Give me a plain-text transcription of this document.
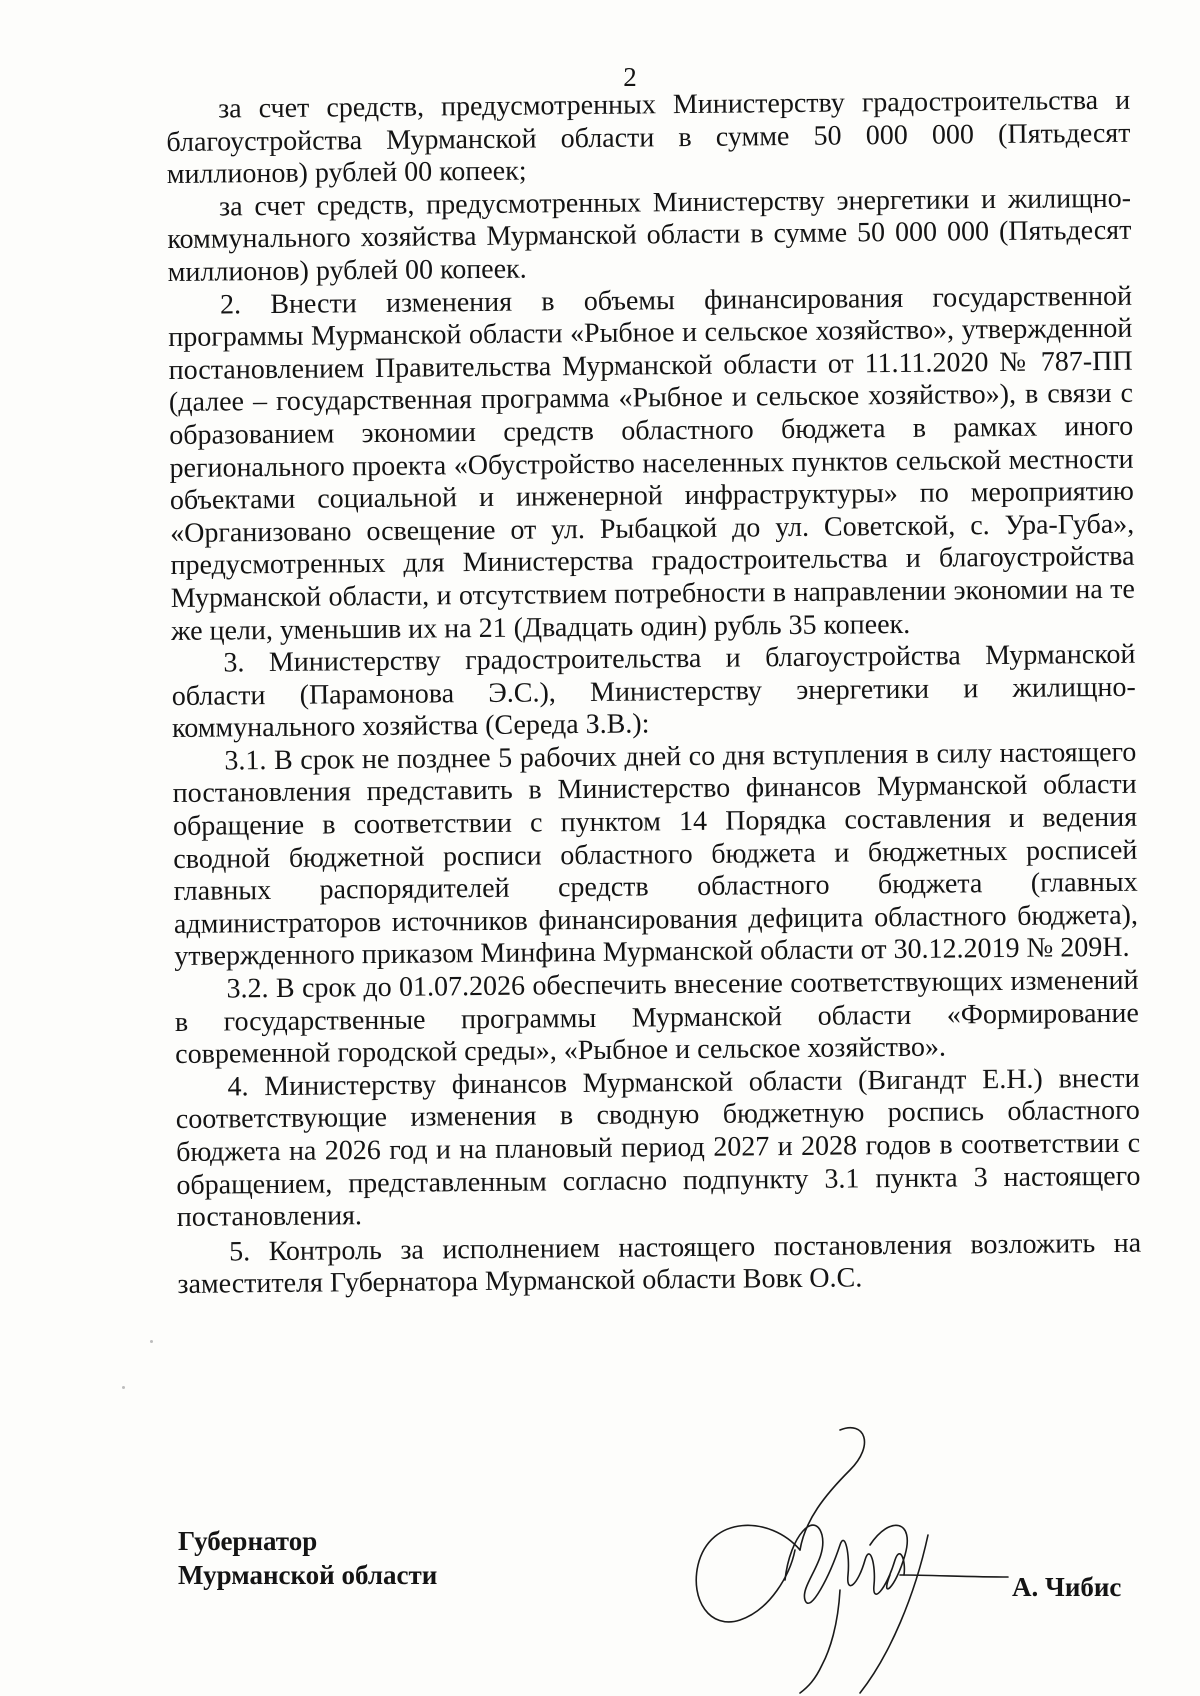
2

за счет средств, предусмотренных Министерству градостроительства и благоустройства Мурманской области в сумме 50 000 000 (Пятьдесят миллионов) рублей 00 копеек;

за счет средств, предусмотренных Министерству энергетики и жилищно-коммунального хозяйства Мурманской области в сумме 50 000 000 (Пятьдесят миллионов) рублей 00 копеек.

2. Внести изменения в объемы финансирования государственной программы Мурманской области «Рыбное и сельское хозяйство», утвержденной постановлением Правительства Мурманской области от 11.11.2020 № 787-ПП (далее – государственная программа «Рыбное и сельское хозяйство»), в связи с образованием экономии средств областного бюджета в рамках иного регионального проекта «Обустройство населенных пунктов сельской местности объектами социальной и инженерной инфраструктуры» по мероприятию «Организовано освещение от ул. Рыбацкой до ул. Советской, с. Ура-Губа», предусмотренных для Министерства градостроительства и благоустройства Мурманской области, и отсутствием потребности в направлении экономии на те же цели, уменьшив их на 21 (Двадцать один) рубль 35 копеек.

3. Министерству градостроительства и благоустройства Мурманской области (Парамонова Э.С.), Министерству энергетики и жилищно-коммунального хозяйства (Середа З.В.):

3.1. В срок не позднее 5 рабочих дней со дня вступления в силу настоящего постановления представить в Министерство финансов Мурманской области обращение в соответствии с пунктом 14 Порядка составления и ведения сводной бюджетной росписи областного бюджета и бюджетных росписей главных распорядителей средств областного бюджета (главных администраторов источников финансирования дефицита областного бюджета), утвержденного приказом Минфина Мурманской области от 30.12.2019 № 209Н.

3.2. В срок до 01.07.2026 обеспечить внесение соответствующих изменений в государственные программы Мурманской области «Формирование современной городской среды», «Рыбное и сельское хозяйство».

4. Министерству финансов Мурманской области (Вигандт Е.Н.) внести соответствующие изменения в сводную бюджетную роспись областного бюджета на 2026 год и на плановый период 2027 и 2028 годов в соответствии с обращением, представленным согласно подпункту 3.1 пункта 3 настоящего постановления.

5. Контроль за исполнением настоящего постановления возложить на заместителя Губернатора Мурманской области Вовк О.С.

Губернатор
Мурманской области	А. Чибис
